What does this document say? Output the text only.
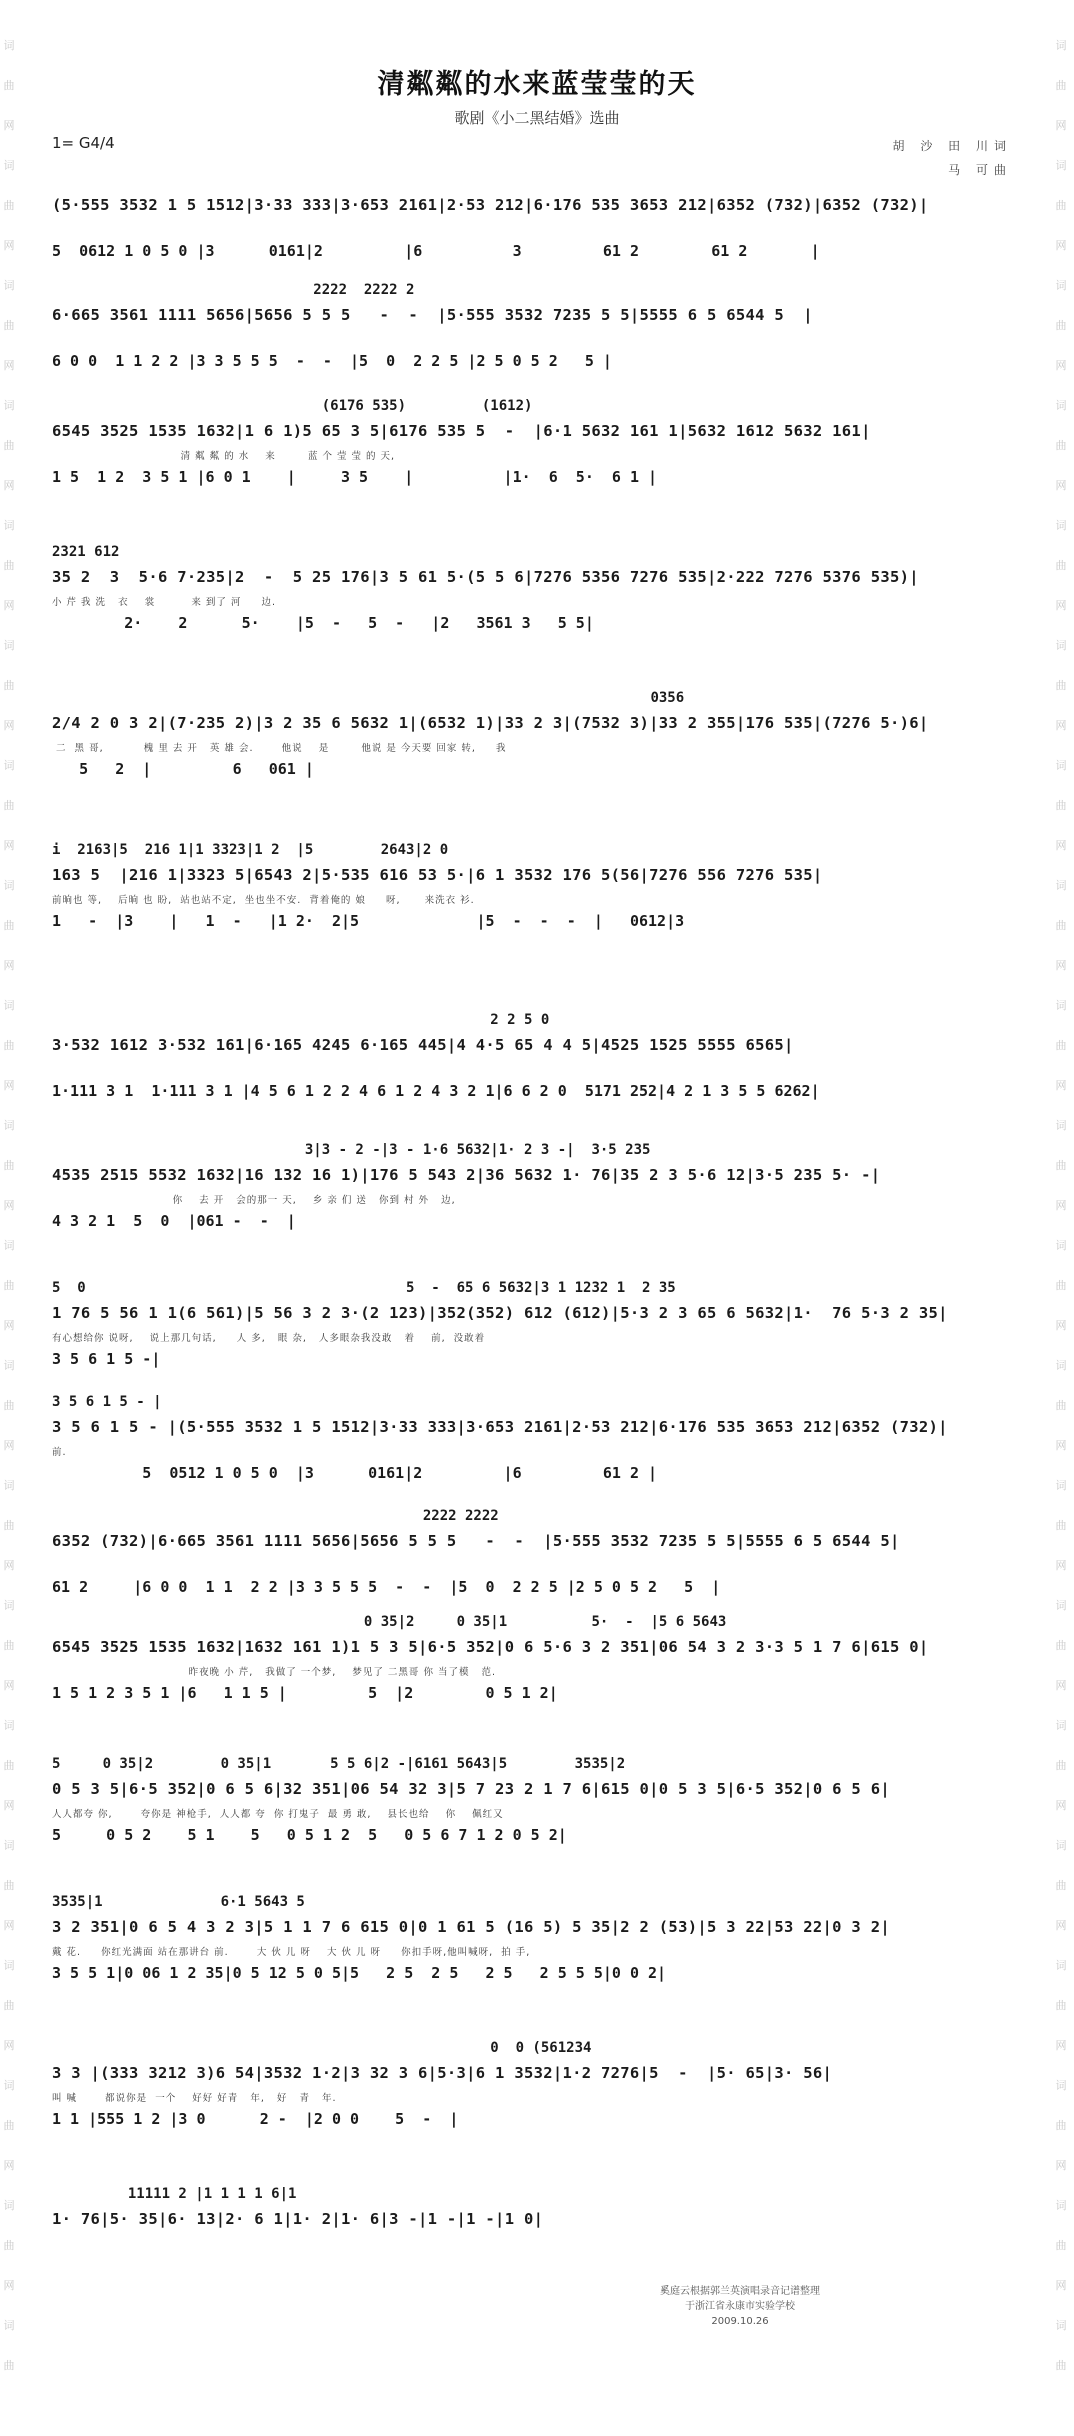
词
曲
网
词
曲
网
词
曲
网
词
曲
网
词
曲
网
词
曲
网
词
曲
网
词
曲
网
词
曲
网
词
曲
网
词
曲
网
词
曲
网
词
曲
网
词
曲
网
词
曲
网
词
曲
网
词
曲
网
词
曲
网
词
曲
网
词
曲
词
曲
网
词
曲
网
词
曲
网
词
曲
网
词
曲
网
词
曲
网
词
曲
网
词
曲
网
词
曲
网
词
曲
网
词
曲
网
词
曲
网
词
曲
网
词
曲
网
词
曲
网
词
曲
网
词
曲
网
词
曲
网
词
曲
网
词
曲
清粼粼的水来蓝莹莹的天
歌剧《小二黑结婚》选曲
1= G4/4	胡 沙 田 川词
马 可曲
(5·555 3532 1 5 1512|3·33 333|3·653 2161|2·53 212|6·176 535 3653 212|6352 (732)|6352 (732)|
5  0612 1 0 5 0 |3      0161|2         |6          3         61 2        61 2       |
2222  2222 2
6·665 3561 1111 5656|5656 5 5 5   -  -  |5·555 3532 7235 5 5|5555 6 5 6544 5  |
6 0 0  1 1 2 2 |3 3 5 5 5  -  -  |5  0  2 2 5 |2 5 0 5 2   5 |
(6176 535)         (1612)
6545 3525 1535 1632|1 6 1)5 65 3 5|6176 535 5  -  |6·1 5632 161 1|5632 1612 5632 161|
清 粼 粼 的 水    来        蓝 个 莹 莹 的 天,
1 5  1 2  3 5 1 |6 0 1    |     3 5    |          |1·  6  5·  6 1 |
2321 612
35 2  3  5·6 7·235|2  -  5 25 176|3 5 61 5·(5 5 6|7276 5356 7276 535|2·222 7276 5376 535)|
小 芹 我 洗   衣    裳         来 到了 河     边.
2·    2      5·    |5  -   5  -   |2   3561 3   5 5|
0356
2/4 2 0 3 2|(7·235 2)|3 2 35 6 5632 1|(6532 1)|33 2 3|(7532 3)|33 2 355|176 535|(7276 5·)6|
二  黑 哥,          槐 里 去 开   英 雄 会.       他说    是        他说 是 今天要 回家 转,     我
5   2  |         6   061 |
i  2163|5  216 1|1 3323|1 2  |5        2643|2 0
163 5  |216 1|3323 5|6543 2|5·535 616 53 5·|6 1 3532 176 5(56|7276 556 7276 535|
前晌也 等,    后晌 也 盼,  站也站不定,  坐也坐不安.  背着俺的 娘     呀,      来洗衣 衫.
1   -  |3    |   1  -   |1 2·  2|5             |5  -  -  -  |   0612|3
2 2 5 0
3·532 1612 3·532 161|6·165 4245 6·165 445|4 4·5 65 4 4 5|4525 1525 5555 6565|
1·111 3 1  1·111 3 1 |4 5 6 1 2 2 4 6 1 2 4 3 2 1|6 6 2 0  5171 252|4 2 1 3 5 5 6262|
3|3 - 2 -|3 - 1·6 5632|1· 2 3 -|  3·5 235
4535 2515 5532 1632|16 132 16 1)|176 5 543 2|36 5632 1· 76|35 2 3 5·6 12|3·5 235 5· -|
你    去 开   会的那一 天,    乡 亲 们 送   你到 村 外   边,
4 3 2 1  5  0  |061 -  -  |
5  0                                      5  -  65 6 5632|3 1 1232 1  2 35
1 76 5 56 1 1(6 561)|5 56 3 2 3·(2 123)|352(352) 612 (612)|5·3 2 3 65 6 5632|1·  76 5·3 2 35|
有心想给你 说呀,    说上那几句话,     人 多,   眼 杂,   人多眼杂我没敢   着    前,  没敢着
3 5 6 1 5 -|
3 5 6 1 5 - |
3 5 6 1 5 - |(5·555 3532 1 5 1512|3·33 333|3·653 2161|2·53 212|6·176 535 3653 212|6352 (732)|
前.
5  0512 1 0 5 0  |3      0161|2         |6         61 2 |
2222 2222
6352 (732)|6·665 3561 1111 5656|5656 5 5 5   -  -  |5·555 3532 7235 5 5|5555 6 5 6544 5|
61 2     |6 0 0  1 1  2 2 |3 3 5 5 5  -  -  |5  0  2 2 5 |2 5 0 5 2   5  |
0 35|2     0 35|1          5·  -  |5 6 5643
6545 3525 1535 1632|1632 161 1)1 5 3 5|6·5 352|0 6 5·6 3 2 351|06 54 3 2 3·3 5 1 7 6|615 0|
昨夜晚 小 芹,   我做了 一个梦,    梦见了 二黑哥 你 当了模   范.
1 5 1 2 3 5 1 |6   1 1 5 |         5  |2        0 5 1 2|
5     0 35|2        0 35|1       5 5 6|2 -|6161 5643|5        3535|2
0 5 3 5|6·5 352|0 6 5 6|32 351|06 54 32 3|5 7 23 2 1 7 6|615 0|0 5 3 5|6·5 352|0 6 5 6|
人人都夸 你,       夸你是 神枪手,  人人都 夸  你 打鬼子  最 勇 敢,    县长也给    你    佩红又
5     0 5 2    5 1    5   0 5 1 2  5   0 5 6 7 1 2 0 5 2|
3535|1              6·1 5643 5
3 2 351|0 6 5 4 3 2 3|5 1 1 7 6 615 0|0 1 61 5 (16 5) 5 35|2 2 (53)|5 3 22|53 22|0 3 2|
戴 花.     你红光满面 站在那讲台 前.       大 伙 儿 呀    大 伙 儿 呀     你扣手呀,他叫喊呀,  拍 手,
3 5 5 1|0 06 1 2 35|0 5 12 5 0 5|5   2 5  2 5   2 5   2 5 5 5|0 0 2|
0  0 (561234
3 3 |(333 3212 3)6 54|3532 1·2|3 32 3 6|5·3|6 1 3532|1·2 7276|5  -  |5· 65|3· 56|
叫 喊       都说你是  一个    好好 好青   年,   好   青   年.
1 1 |555 1 2 |3 0      2 -  |2 0 0    5  -  |
11111 2 |1 1 1 1 6|1
1· 76|5· 35|6· 13|2· 6 1|1· 2|1· 6|3 -|1 -|1 -|1 0|
奚庭云根据郭兰英演唱录音记谱整理
于浙江省永康市实验学校
2009.10.26
